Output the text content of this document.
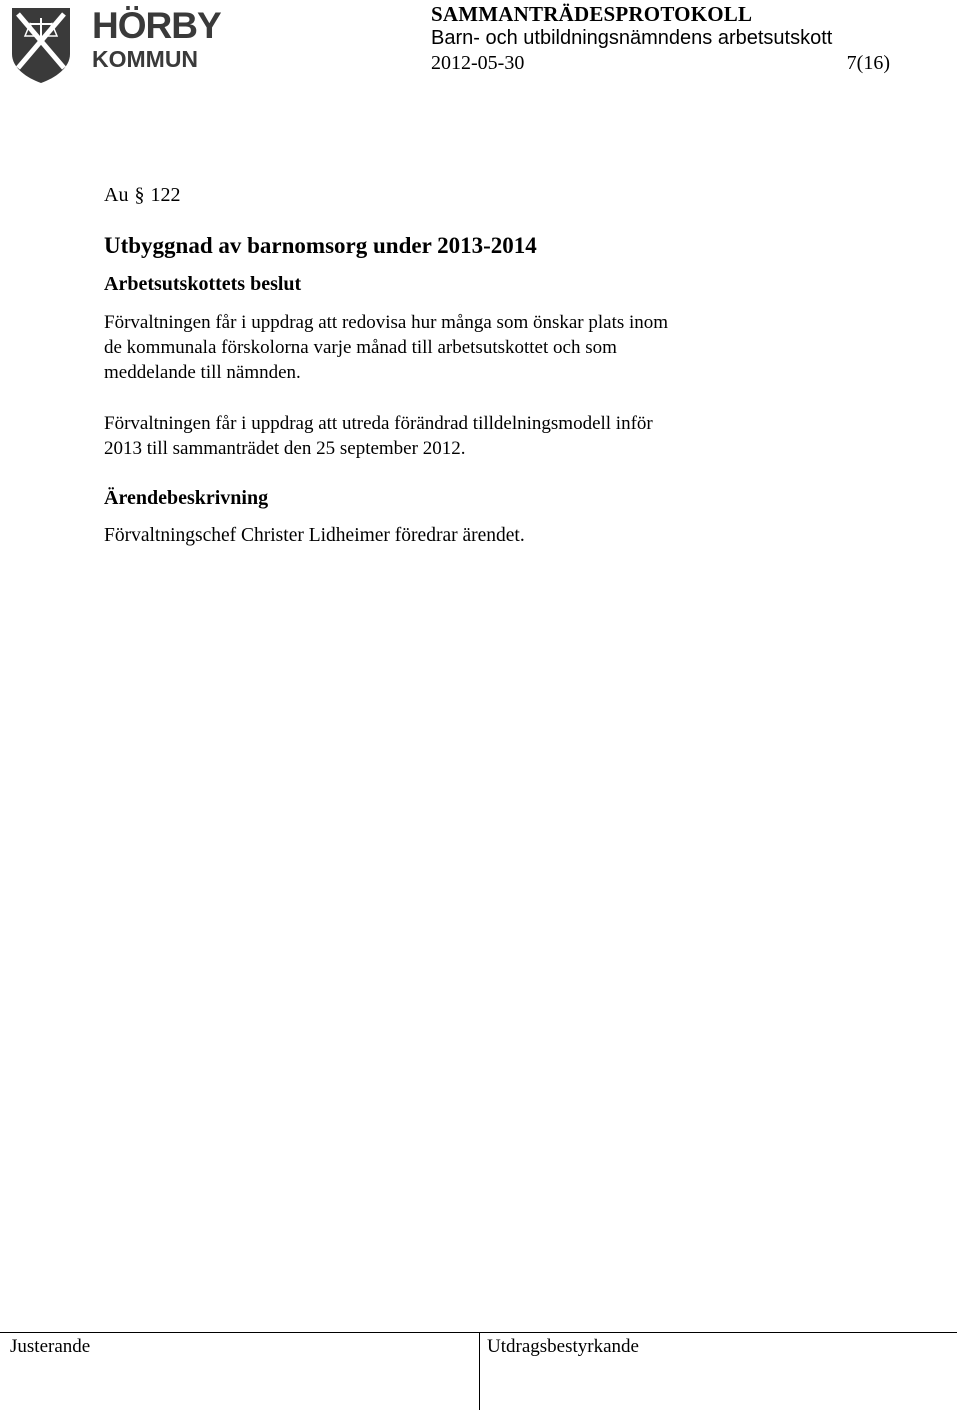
HÖRBY
KOMMUN
SAMMANTRÄDESPROTOKOLL
Barn- och utbildningsnämndens arbetsutskott
2012-05-30	7(16)
Au § 122
Utbyggnad av barnomsorg under 2013-2014
Arbetsutskottets beslut
Förvaltningen får i uppdrag att redovisa hur många som önskar plats inom
de kommunala förskolorna varje månad till arbetsutskottet och som
meddelande till nämnden.
Förvaltningen får i uppdrag att utreda förändrad tilldelningsmodell inför
2013 till sammanträdet den 25 september 2012.
Ärendebeskrivning
Förvaltningschef Christer Lidheimer föredrar ärendet.
Justerande	Utdragsbestyrkande
